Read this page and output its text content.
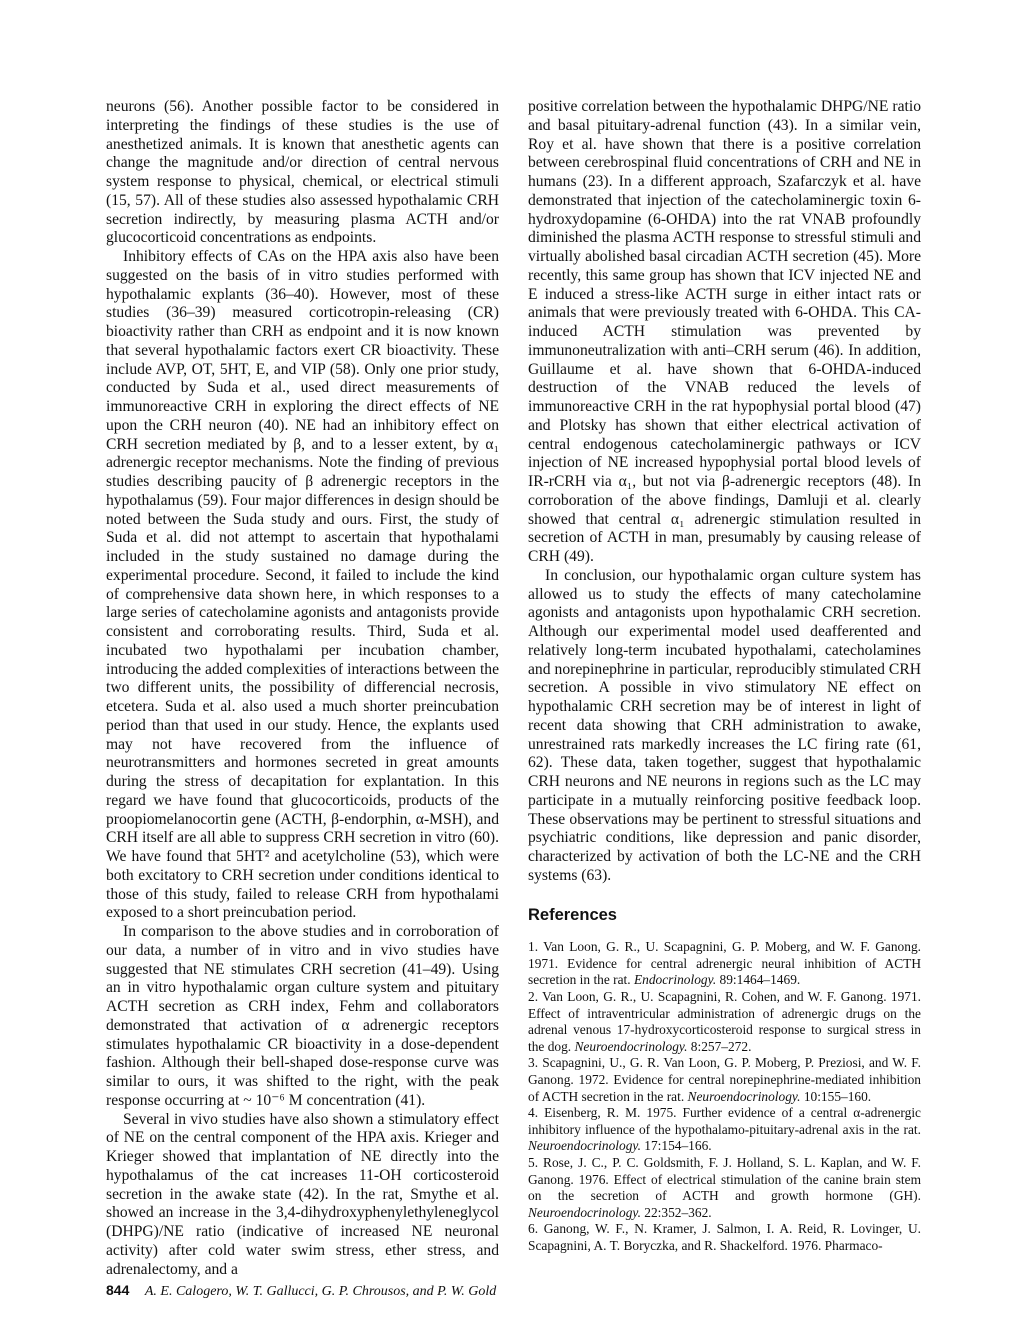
neurons (56). Another possible factor to be considered in interpreting the findings of these studies is the use of anesthetized animals. It is known that anesthetic agents can change the magnitude and/or direction of central nervous system response to physical, chemical, or electrical stimuli (15, 57). All of these studies also assessed hypothalamic CRH secretion indirectly, by measuring plasma ACTH and/or glucocorticoid concentrations as endpoints.

Inhibitory effects of CAs on the HPA axis also have been suggested on the basis of in vitro studies performed with hypothalamic explants (36–40). However, most of these studies (36–39) measured corticotropin-releasing (CR) bioactivity rather than CRH as endpoint and it is now known that several hypothalamic factors exert CR bioactivity. These include AVP, OT, 5HT, E, and VIP (58). Only one prior study, conducted by Suda et al., used direct measurements of immunoreactive CRH in exploring the direct effects of NE upon the CRH neuron (40). NE had an inhibitory effect on CRH secretion mediated by β, and to a lesser extent, by α₁ adrenergic receptor mechanisms. Note the finding of previous studies describing paucity of β adrenergic receptors in the hypothalamus (59). Four major differences in design should be noted between the Suda study and ours. First, the study of Suda et al. did not attempt to ascertain that hypothalami included in the study sustained no damage during the experimental procedure. Second, it failed to include the kind of comprehensive data shown here, in which responses to a large series of catecholamine agonists and antagonists provide consistent and corroborating results. Third, Suda et al. incubated two hypothalami per incubation chamber, introducing the added complexities of interactions between the two different units, the possibility of differencial necrosis, etcetera. Suda et al. also used a much shorter preincubation period than that used in our study. Hence, the explants used may not have recovered from the influence of neurotransmitters and hormones secreted in great amounts during the stress of decapitation for explantation. In this regard we have found that glucocorticoids, products of the proopiomelanocortin gene (ACTH, β-endorphin, α-MSH), and CRH itself are all able to suppress CRH secretion in vitro (60). We have found that 5HT² and acetylcholine (53), which were both excitatory to CRH secretion under conditions identical to those of this study, failed to release CRH from hypothalami exposed to a short preincubation period.

In comparison to the above studies and in corroboration of our data, a number of in vitro and in vivo studies have suggested that NE stimulates CRH secretion (41–49). Using an in vitro hypothalamic organ culture system and pituitary ACTH secretion as CRH index, Fehm and collaborators demonstrated that activation of α adrenergic receptors stimulates hypothalamic CR bioactivity in a dose-dependent fashion. Although their bell-shaped dose-response curve was similar to ours, it was shifted to the right, with the peak response occurring at ~ 10⁻⁶ M concentration (41).

Several in vivo studies have also shown a stimulatory effect of NE on the central component of the HPA axis. Krieger and Krieger showed that implantation of NE directly into the hypothalamus of the cat increases 11-OH corticosteroid secretion in the awake state (42). In the rat, Smythe et al. showed an increase in the 3,4-dihydroxyphenylethyleneglycol (DHPG)/NE ratio (indicative of increased NE neuronal activity) after cold water swim stress, ether stress, and adrenalectomy, and a

positive correlation between the hypothalamic DHPG/NE ratio and basal pituitary-adrenal function (43). In a similar vein, Roy et al. have shown that there is a positive correlation between cerebrospinal fluid concentrations of CRH and NE in humans (23). In a different approach, Szafarczyk et al. have demonstrated that injection of the catecholaminergic toxin 6-hydroxydopamine (6-OHDA) into the rat VNAB profoundly diminished the plasma ACTH response to stressful stimuli and virtually abolished basal circadian ACTH secretion (45). More recently, this same group has shown that ICV injected NE and E induced a stress-like ACTH surge in either intact rats or animals that were previously treated with 6-OHDA. This CA-induced ACTH stimulation was prevented by immunoneutralization with anti–CRH serum (46). In addition, Guillaume et al. have shown that 6-OHDA-induced destruction of the VNAB reduced the levels of immunoreactive CRH in the rat hypophysial portal blood (47) and Plotsky has shown that either electrical activation of central endogenous catecholaminergic pathways or ICV injection of NE increased hypophysial portal blood levels of IR-rCRH via α₁, but not via β-adrenergic receptors (48). In corroboration of the above findings, Damluji et al. clearly showed that central α₁ adrenergic stimulation resulted in secretion of ACTH in man, presumably by causing release of CRH (49).

In conclusion, our hypothalamic organ culture system has allowed us to study the effects of many catecholamine agonists and antagonists upon hypothalamic CRH secretion. Although our experimental model used deafferented and relatively long-term incubated hypothalami, catecholamines and norepinephrine in particular, reproducibly stimulated CRH secretion. A possible in vivo stimulatory NE effect on hypothalamic CRH secretion may be of interest in light of recent data showing that CRH administration to awake, unrestrained rats markedly increases the LC firing rate (61, 62). These data, taken together, suggest that hypothalamic CRH neurons and NE neurons in regions such as the LC may participate in a mutually reinforcing positive feedback loop. These observations may be pertinent to stressful situations and psychiatric conditions, like depression and panic disorder, characterized by activation of both the LC-NE and the CRH systems (63).

References

1. Van Loon, G. R., U. Scapagnini, G. P. Moberg, and W. F. Ganong. 1971. Evidence for central adrenergic neural inhibition of ACTH secretion in the rat. Endocrinology. 89:1464–1469.

2. Van Loon, G. R., U. Scapagnini, R. Cohen, and W. F. Ganong. 1971. Effect of intraventricular administration of adrenergic drugs on the adrenal venous 17-hydroxycorticosteroid response to surgical stress in the dog. Neuroendocrinology. 8:257–272.

3. Scapagnini, U., G. R. Van Loon, G. P. Moberg, P. Preziosi, and W. F. Ganong. 1972. Evidence for central norepinephrine-mediated inhibition of ACTH secretion in the rat. Neuroendocrinology. 10:155–160.

4. Eisenberg, R. M. 1975. Further evidence of a central α-adrenergic inhibitory influence of the hypothalamo-pituitary-adrenal axis in the rat. Neuroendocrinology. 17:154–166.

5. Rose, J. C., P. C. Goldsmith, F. J. Holland, S. L. Kaplan, and W. F. Ganong. 1976. Effect of electrical stimulation of the canine brain stem on the secretion of ACTH and growth hormone (GH). Neuroendocrinology. 22:352–362.

6. Ganong, W. F., N. Kramer, J. Salmon, I. A. Reid, R. Lovinger, U. Scapagnini, A. T. Boryczka, and R. Shackelford. 1976. Pharmaco-

844 A. E. Calogero, W. T. Gallucci, G. P. Chrousos, and P. W. Gold
